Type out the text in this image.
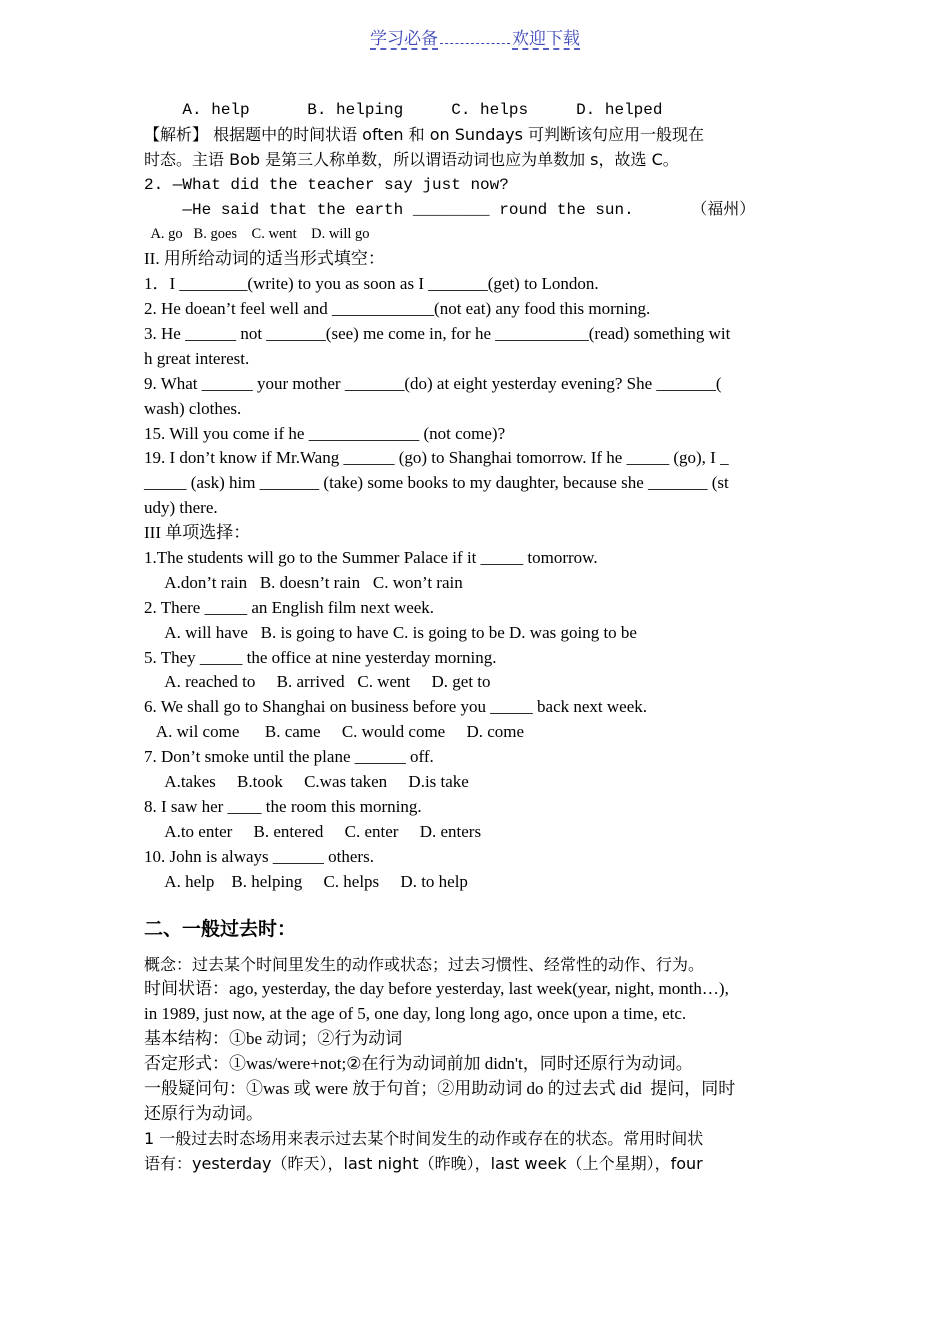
学习必备	欢迎下载
A. help      B. helping     C. helps     D. helped
【解析】 根据题中的时间状语 often 和 on Sundays 可判断该句应用一般现在
时态。主语 Bob 是第三人称单数，所以谓语动词也应为单数加 s，故选 C。
2. —What did the teacher say just now?
—He said that the earth ________ round the sun.      （福州）
A. go   B. goes    C. went    D. will go
II. 用所给动词的适当形式填空：
1．I ________(write) to you as soon as I _______(get) to London.
2. He doean’t feel well and ____________(not eat) any food this morning.
3. He ______ not _______(see) me come in, for he ___________(read) something wit
h great interest.
9. What ______ your mother _______(do) at eight yesterday evening? She _______(
wash) clothes.
15. Will you come if he _____________ (not come)?
19. I don’t know if Mr.Wang ______ (go) to Shanghai tomorrow. If he _____ (go), I _
_____ (ask) him _______ (take) some books to my daughter, because she _______ (st
udy) there.
III 单项选择：
1.The students will go to the Summer Palace if it _____ tomorrow.
A.don’t rain   B. doesn’t rain   C. won’t rain
2. There _____ an English film next week.
A. will have   B. is going to have C. is going to be D. was going to be
5. They _____ the office at nine yesterday morning.
A. reached to     B. arrived   C. went     D. get to
6. We shall go to Shanghai on business before you _____ back next week.
A. wil come      B. came     C. would come     D. come
7. Don’t smoke until the plane ______ off.
A.takes     B.took     C.was taken     D.is take
8. I saw her ____ the room this morning.
A.to enter     B. entered     C. enter     D. enters
10. John is always ______ others.
A. help    B. helping     C. helps     D. to help
二、一般过去时：
概念：过去某个时间里发生的动作或状态；过去习惯性、经常性的动作、行为。
时间状语：ago, yesterday, the day before yesterday, last week(year, night, month…),
in 1989, just now, at the age of 5, one day, long long ago, once upon a time, etc.
基本结构：①be 动词；②行为动词
否定形式：①was/were+not;②在行为动词前加 didn't，同时还原行为动词。
一般疑问句：①was 或 were 放于句首；②用助动词 do 的过去式 did  提问，同时
还原行为动词。
1 一般过去时态场用来表示过去某个时间发生的动作或存在的状态。常用时间状
语有：yesterday（昨天），last night（昨晚），last week（上个星期），four
